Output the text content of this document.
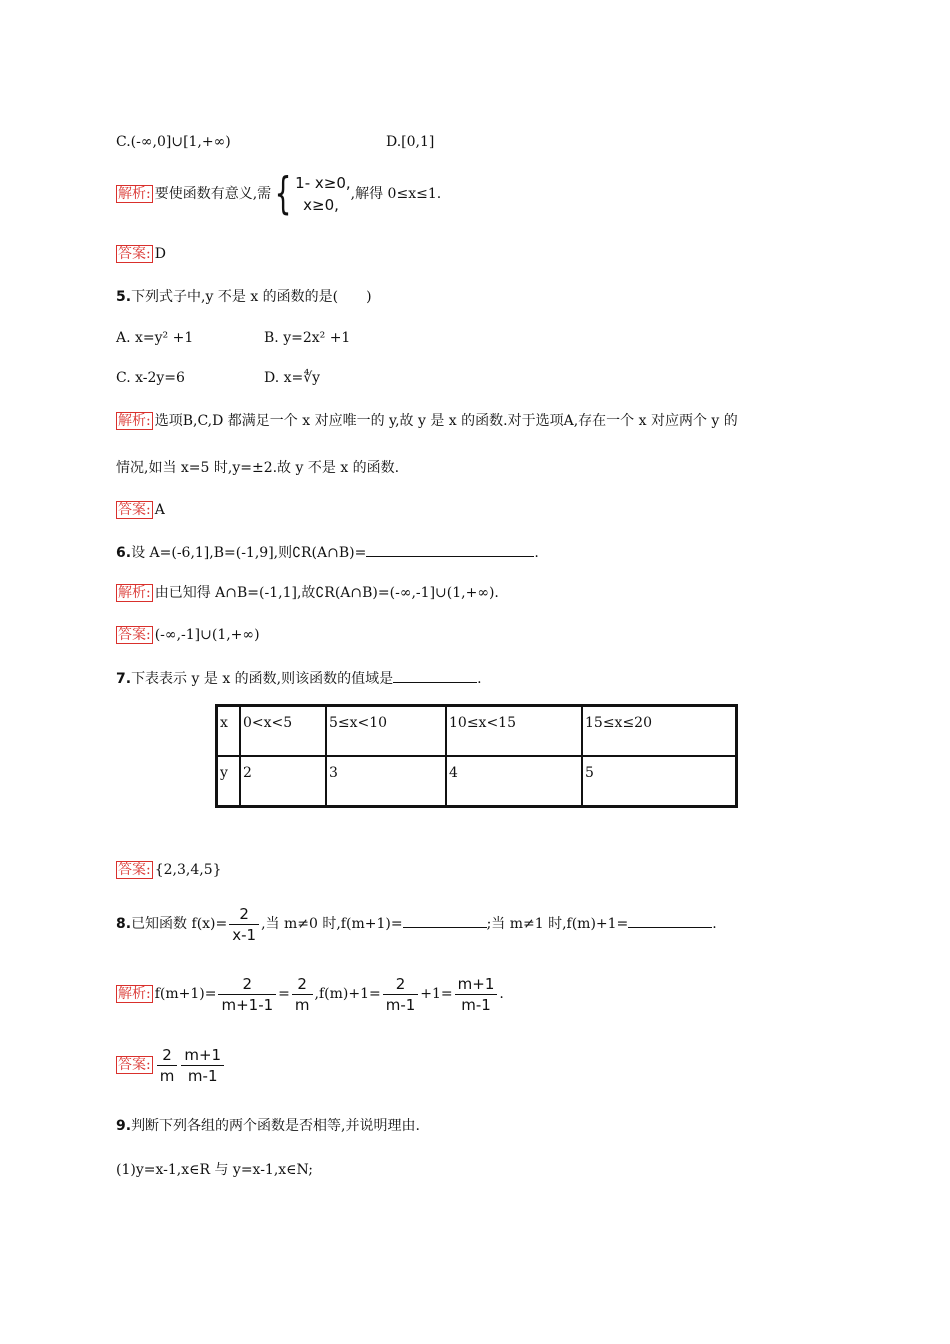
C.(-∞,0]∪[1,+∞)	D.[0,1]
解析: 要使函数有意义,需{ 1- x≥0,
x≥0,
,解得 0≤x≤1.
答案: D
5.下列式子中,y 不是 x 的函数的是(　　)
A. x=y² +1	B. y=2x² +1
C. x-2y=6	D. x=∜y
解析: 选项B,C,D 都满足一个 x 对应唯一的 y,故 y 是 x 的函数.对于选项A,存在一个 x 对应两个 y 的
情况,如当 x=5 时,y=±2.故 y 不是 x 的函数.
答案: A
6.设 A=(-6,1],B=(-1,9],则∁R(A∩B)=	.
解析: 由已知得 A∩B=(-1,1],故∁R(A∩B)=(-∞,-1]∪(1,+∞).
答案: (-∞,-1]∪(1,+∞)
7.下表表示 y 是 x 的函数,则该函数的值域是	.
x	0<x<5	5≤x<10	10≤x<15	15≤x≤20
y	2	3	4	5
答案: {2,3,4,5}
8.已知函数 $f(x)= \frac{2}{x-1}$ ,当 m≠0 时,f(m+1)=	;当 m≠1 时,f(m)+1=	.
解析: $f(m+1)= \frac{2}{m+1-1} = \frac{2}{m} ,f(m)+1= \frac{2}{m-1} +1= \frac{m+1}{m-1}$ .
答案: $\frac{2}{m} \frac{m+1}{m-1}$
9.判断下列各组的两个函数是否相等,并说明理由.
(1)y=x-1,x∈R 与 y=x-1,x∈N;
